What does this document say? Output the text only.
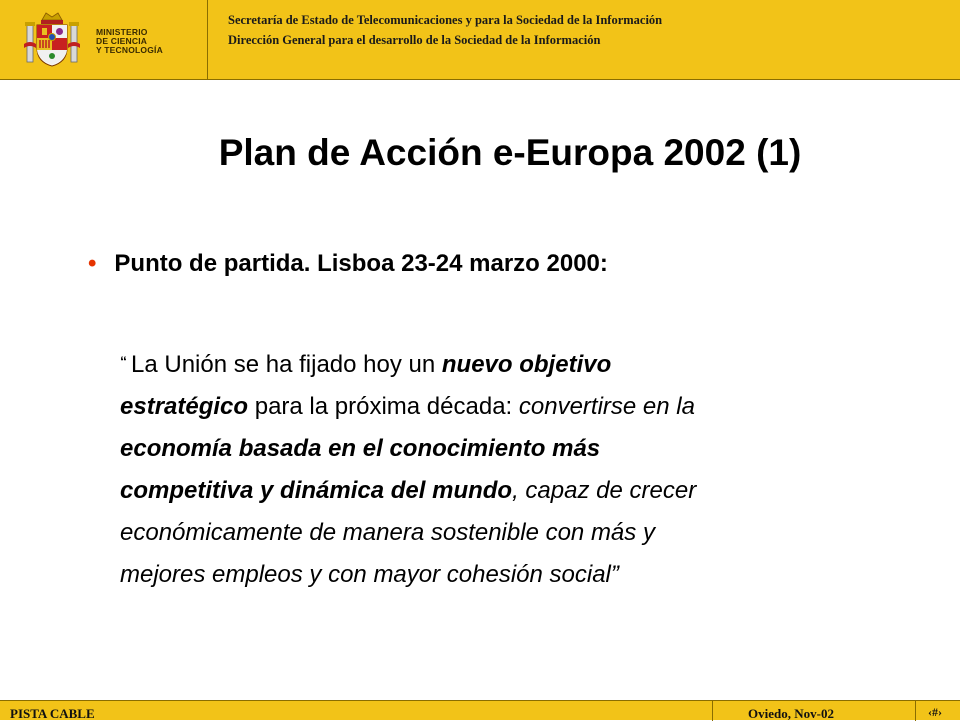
MINISTERIO
DE CIENCIA
Y TECNOLOGÍA
Secretaría de Estado de Telecomunicaciones y para la Sociedad de la Información
Dirección General para el desarrollo de la Sociedad de la Información
Plan de Acción e-Europa 2002 (1)
• Punto de partida. Lisboa 23-24 marzo 2000:
“ La Unión se ha fijado hoy un nuevo objetivo
estratégico para la próxima década: convertirse en la
economía basada en el conocimiento más
competitiva y dinámica del mundo, capaz de crecer
económicamente de manera sostenible con más y
mejores empleos y con mayor cohesión social”
PISTA CABLE	Oviedo, Nov-02	‹#›
